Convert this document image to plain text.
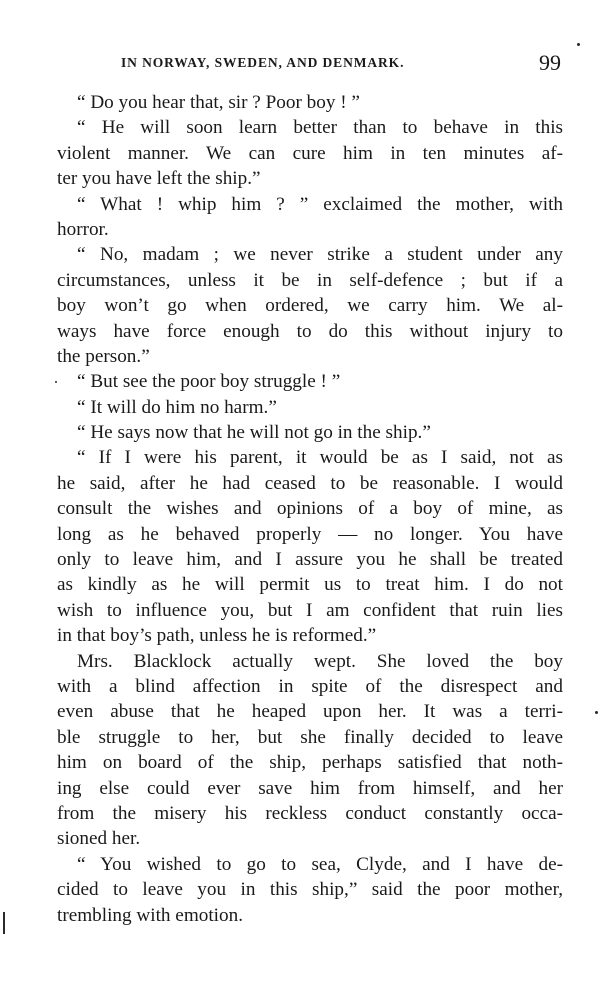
IN NORWAY, SWEDEN, AND DENMARK.	99
“ Do you hear that, sir ? Poor boy ! ”
“ He will soon learn better than to behave in this
violent manner. We can cure him in ten minutes af-
ter you have left the ship.”
“ What ! whip him ? ” exclaimed the mother, with
horror.
“ No, madam ; we never strike a student under any
circumstances, unless it be in self-defence ; but if a
boy won’t go when ordered, we carry him. We al-
ways have force enough to do this without injury to
the person.”
“ But see the poor boy struggle ! ”
“ It will do him no harm.”
“ He says now that he will not go in the ship.”
“ If I were his parent, it would be as I said, not as
he said, after he had ceased to be reasonable. I would
consult the wishes and opinions of a boy of mine, as
long as he behaved properly — no longer. You have
only to leave him, and I assure you he shall be treated
as kindly as he will permit us to treat him. I do not
wish to influence you, but I am confident that ruin lies
in that boy’s path, unless he is reformed.”
Mrs. Blacklock actually wept. She loved the boy
with a blind affection in spite of the disrespect and
even abuse that he heaped upon her. It was a terri-
ble struggle to her, but she finally decided to leave
him on board of the ship, perhaps satisfied that noth-
ing else could ever save him from himself, and her
from the misery his reckless conduct constantly occa-
sioned her.
“ You wished to go to sea, Clyde, and I have de-
cided to leave you in this ship,” said the poor mother,
trembling with emotion.
